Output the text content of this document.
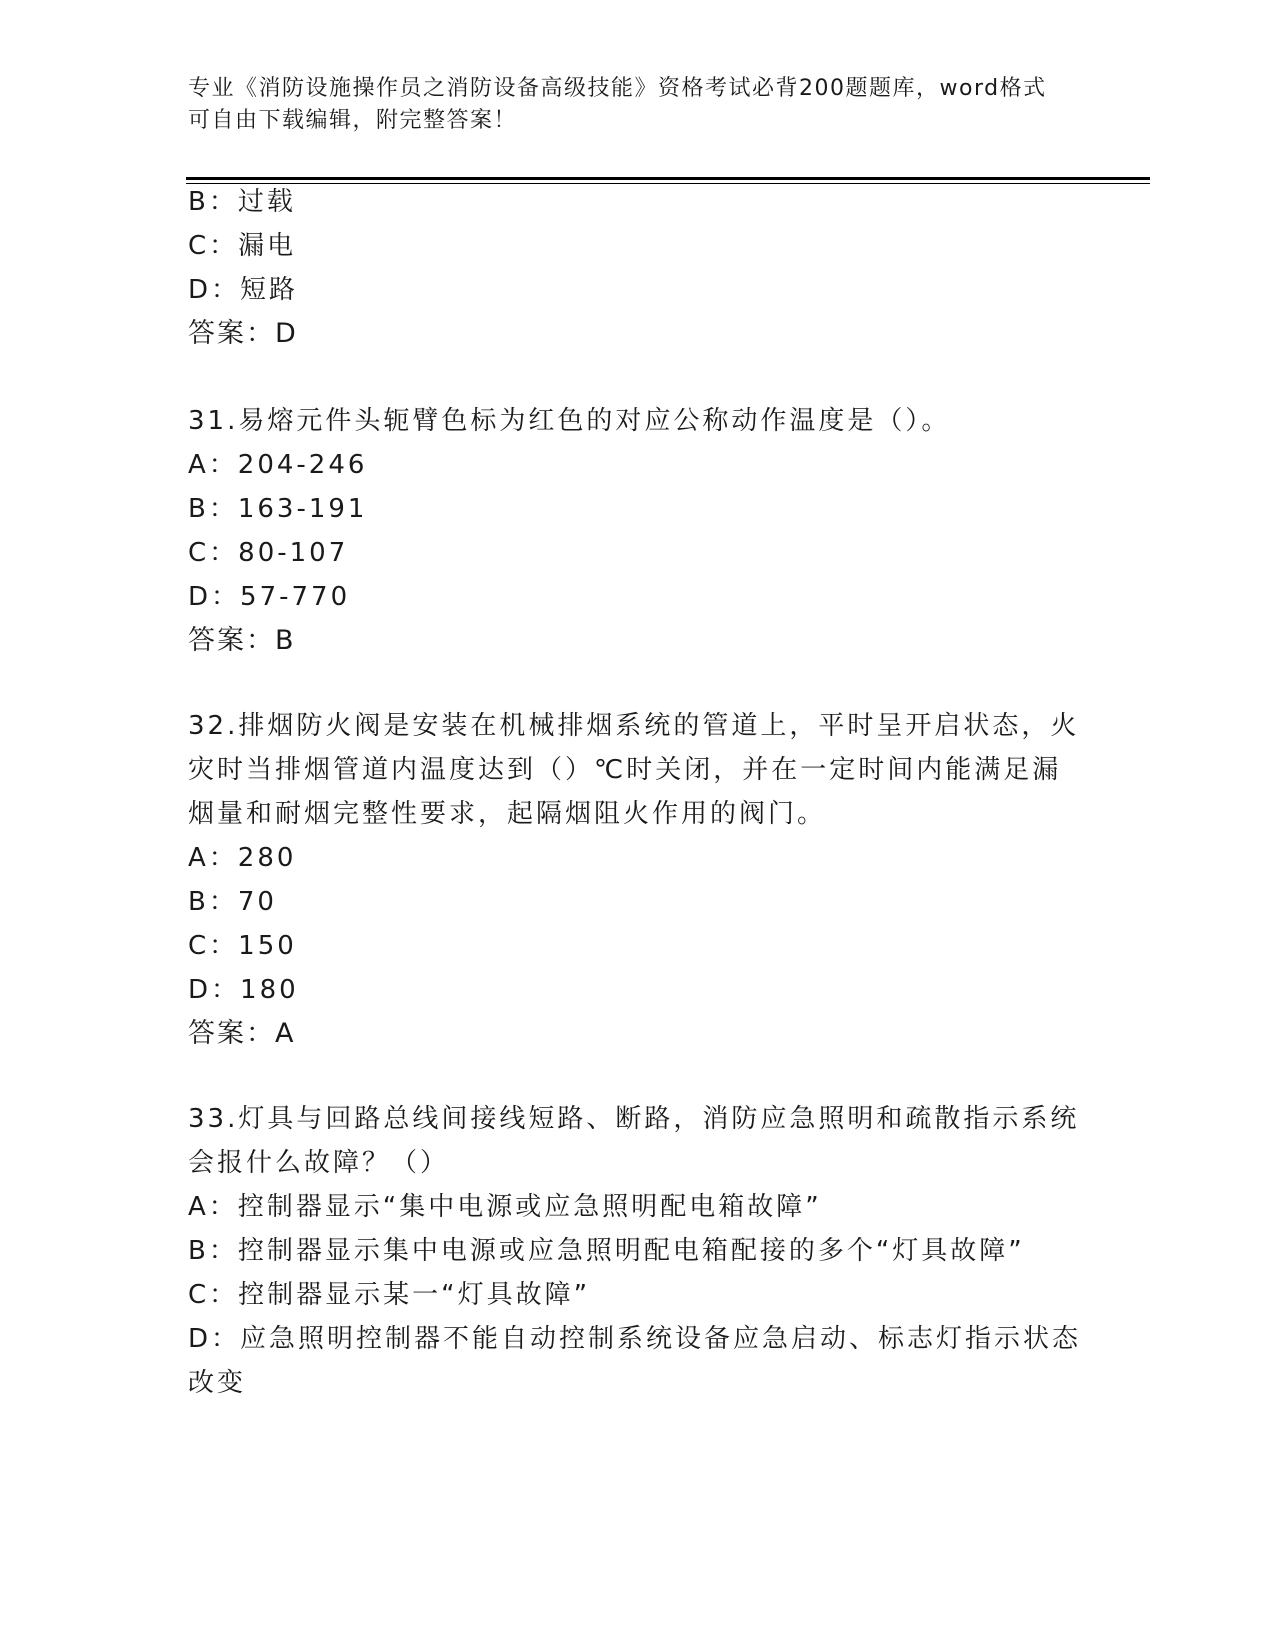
专业《消防设施操作员之消防设备高级技能》资格考试必背200题题库，word格式可自由下载编辑，附完整答案！
B：过载
C：漏电
D：短路
答案：D
31.易熔元件头轭臂色标为红色的对应公称动作温度是（）。
A：204-246
B：163-191
C：80-107
D：57-770
答案：B
32.排烟防火阀是安装在机械排烟系统的管道上，平时呈开启状态，火
灾时当排烟管道内温度达到（）℃时关闭，并在一定时间内能满足漏
烟量和耐烟完整性要求，起隔烟阻火作用的阀门。
A：280
B：70
C：150
D：180
答案：A
33.灯具与回路总线间接线短路、断路，消防应急照明和疏散指示系统
会报什么故障？（）
A：控制器显示“集中电源或应急照明配电箱故障”
B：控制器显示集中电源或应急照明配电箱配接的多个“灯具故障”
C：控制器显示某一“灯具故障”
D：应急照明控制器不能自动控制系统设备应急启动、标志灯指示状态
改变
